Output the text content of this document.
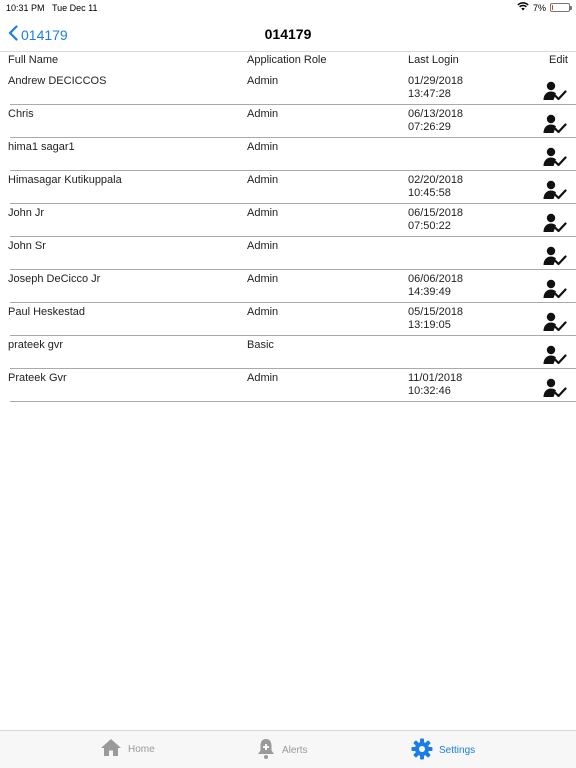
10:31 PM Tue Dec 11	7%
014179	014179
Full Name	Application Role	Last Login	Edit
Andrew DECICCOS	Admin	01/29/2018
13:47:28
Chris	Admin	06/13/2018
07:26:29
hima1 sagar1	Admin
Himasagar Kutikuppala	Admin	02/20/2018
10:45:58
John Jr	Admin	06/15/2018
07:50:22
John Sr	Admin
Joseph DeCicco Jr	Admin	06/06/2018
14:39:49
Paul Heskestad	Admin	05/15/2018
13:19:05
prateek gvr	Basic
Prateek Gvr	Admin	11/01/2018
10:32:46
Home	Alerts	Settings
